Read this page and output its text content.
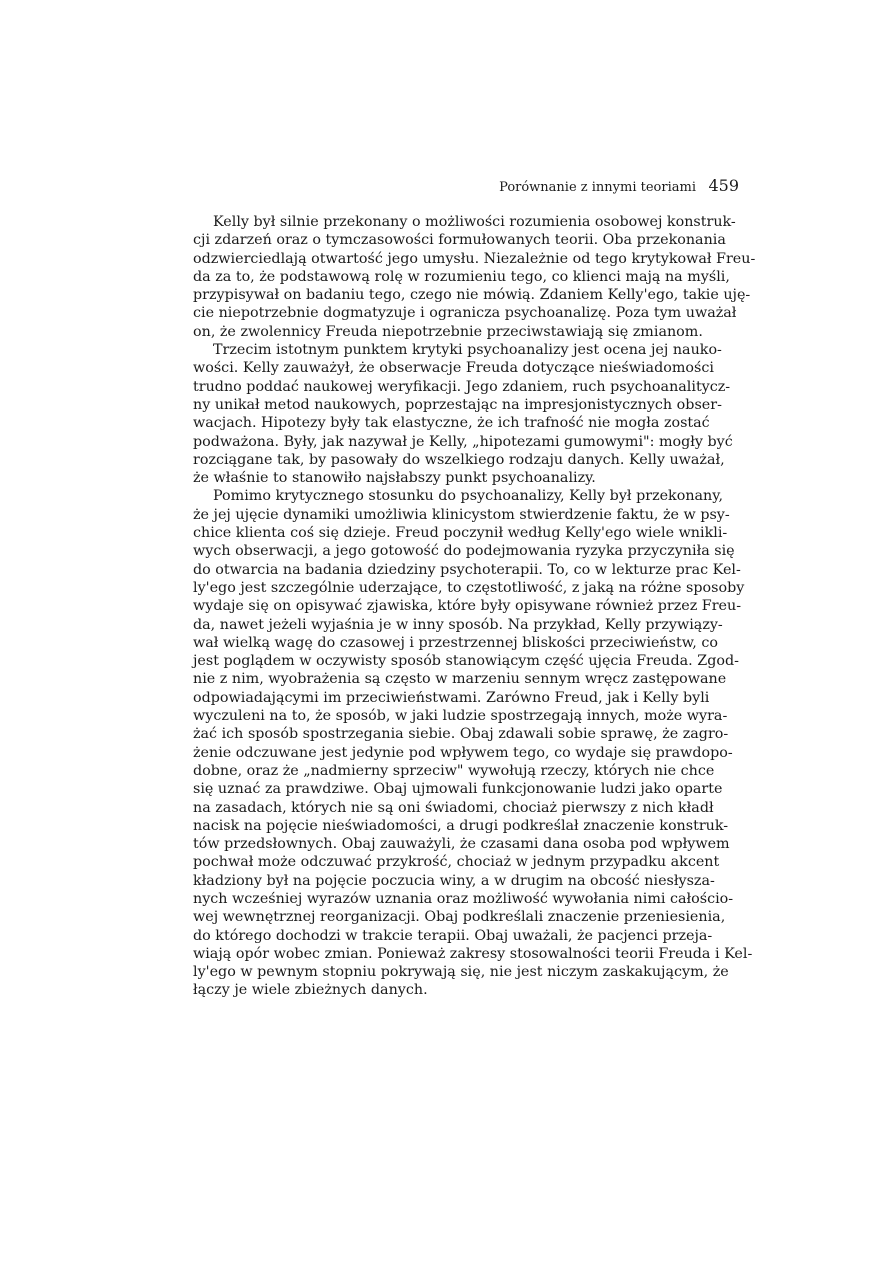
Porównanie z innymi teoriami 459
Kelly był silnie przekonany o możliwości rozumienia osobowej konstruk-
cji zdarzeń oraz o tymczasowości formułowanych teorii. Oba przekonania
odzwierciedlają otwartość jego umysłu. Niezależnie od tego krytykował Freu-
da za to, że podstawową rolę w rozumieniu tego, co klienci mają na myśli,
przypisywał on badaniu tego, czego nie mówią. Zdaniem Kelly'ego, takie uję-
cie niepotrzebnie dogmatyzuje i ogranicza psychoanalizę. Poza tym uważał
on, że zwolennicy Freuda niepotrzebnie przeciwstawiają się zmianom.
Trzecim istotnym punktem krytyki psychoanalizy jest ocena jej nauko-
wości. Kelly zauważył, że obserwacje Freuda dotyczące nieświadomości
trudno poddać naukowej weryfikacji. Jego zdaniem, ruch psychoanalitycz-
ny unikał metod naukowych, poprzestając na impresjonistycznych obser-
wacjach. Hipotezy były tak elastyczne, że ich trafność nie mogła zostać
podważona. Były, jak nazywał je Kelly, „hipotezami gumowymi": mogły być
rozciągane tak, by pasowały do wszelkiego rodzaju danych. Kelly uważał,
że właśnie to stanowiło najsłabszy punkt psychoanalizy.
Pomimo krytycznego stosunku do psychoanalizy, Kelly był przekonany,
że jej ujęcie dynamiki umożliwia klinicystom stwierdzenie faktu, że w psy-
chice klienta coś się dzieje. Freud poczynił według Kelly'ego wiele wnikli-
wych obserwacji, a jego gotowość do podejmowania ryzyka przyczyniła się
do otwarcia na badania dziedziny psychoterapii. To, co w lekturze prac Kel-
ly'ego jest szczególnie uderzające, to częstotliwość, z jaką na różne sposoby
wydaje się on opisywać zjawiska, które były opisywane również przez Freu-
da, nawet jeżeli wyjaśnia je w inny sposób. Na przykład, Kelly przywiązy-
wał wielką wagę do czasowej i przestrzennej bliskości przeciwieństw, co
jest poglądem w oczywisty sposób stanowiącym część ujęcia Freuda. Zgod-
nie z nim, wyobrażenia są często w marzeniu sennym wręcz zastępowane
odpowiadającymi im przeciwieństwami. Zarówno Freud, jak i Kelly byli
wyczuleni na to, że sposób, w jaki ludzie spostrzegają innych, może wyra-
żać ich sposób spostrzegania siebie. Obaj zdawali sobie sprawę, że zagro-
żenie odczuwane jest jedynie pod wpływem tego, co wydaje się prawdopo-
dobne, oraz że „nadmierny sprzeciw" wywołują rzeczy, których nie chce
się uznać za prawdziwe. Obaj ujmowali funkcjonowanie ludzi jako oparte
na zasadach, których nie są oni świadomi, chociaż pierwszy z nich kładł
nacisk na pojęcie nieświadomości, a drugi podkreślał znaczenie konstruk-
tów przedsłownych. Obaj zauważyli, że czasami dana osoba pod wpływem
pochwał może odczuwać przykrość, chociaż w jednym przypadku akcent
kładziony był na pojęcie poczucia winy, a w drugim na obcość niesłysza-
nych wcześniej wyrazów uznania oraz możliwość wywołania nimi całościo-
wej wewnętrznej reorganizacji. Obaj podkreślali znaczenie przeniesienia,
do którego dochodzi w trakcie terapii. Obaj uważali, że pacjenci przeja-
wiają opór wobec zmian. Ponieważ zakresy stosowalności teorii Freuda i Kel-
ly'ego w pewnym stopniu pokrywają się, nie jest niczym zaskakującym, że
łączy je wiele zbieżnych danych.
